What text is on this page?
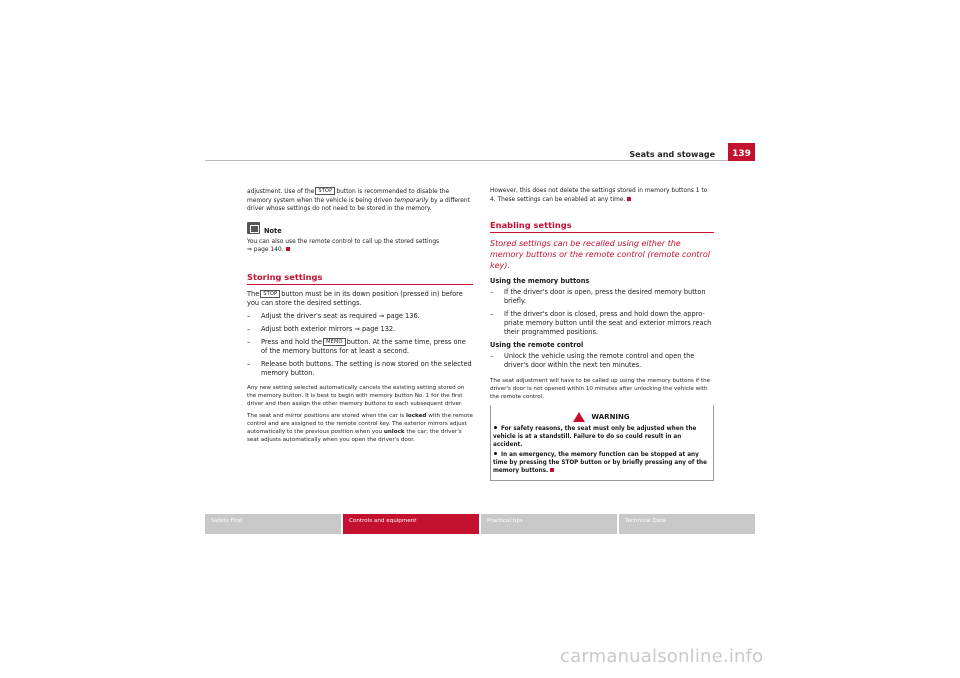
Seats and stowage	139

adjustment. Use of the STOP button is recommended to disable the memory system when the vehicle is being driven temporarily by a different driver whose settings do not need to be stored in the memory.

Note
You can also use the remote control to call up the stored settings
⇒ page 140.
Storing settings

The STOP button must be in its down position (pressed in) before you can store the desired settings.

–	Adjust the driver's seat as required ⇒ page 136.
–	Adjust both exterior mirrors ⇒ page 132.
–	Press and hold the MEMO button. At the same time, press one of the memory buttons for at least a second.
–	Release both buttons. The setting is now stored on the selected memory button.

Any new setting selected automatically cancels the existing setting stored on the memory button. It is best to begin with memory button No. 1 for the first driver and then assign the other memory buttons to each subsequent driver.

The seat and mirror positions are stored when the car is locked with the remote control and are assigned to the remote control key. The exterior mirrors adjust automatically to the previous position when you unlock the car; the driver's seat adjusts automatically when you open the driver's door.

However, this does not delete the settings stored in memory buttons 1 to 4. These settings can be enabled at any time.

Enabling settings
Stored settings can be recalled using either the memory buttons or the remote control (remote control key).
Using the memory buttons
–	If the driver's door is open, press the desired memory button briefly.
–	If the driver's door is closed, press and hold down the appro- priate memory button until the seat and exterior mirrors reach their programmed positions.
Using the remote control
–	Unlock the vehicle using the remote control and open the driver's door within the next ten minutes.

The seat adjustment will have to be called up using the memory buttons if the driver's door is not opened within 10 minutes after unlocking the vehicle with the remote control.

WARNING
For safety reasons, the seat must only be adjusted when the vehicle is at a standstill. Failure to do so could result in an accident.
In an emergency, the memory function can be stopped at any time by pressing the STOP button or by briefly pressing any of the memory buttons.
Safety First	Controls and equipment	Practical tips	Technical Data
carmanualsonline.info
